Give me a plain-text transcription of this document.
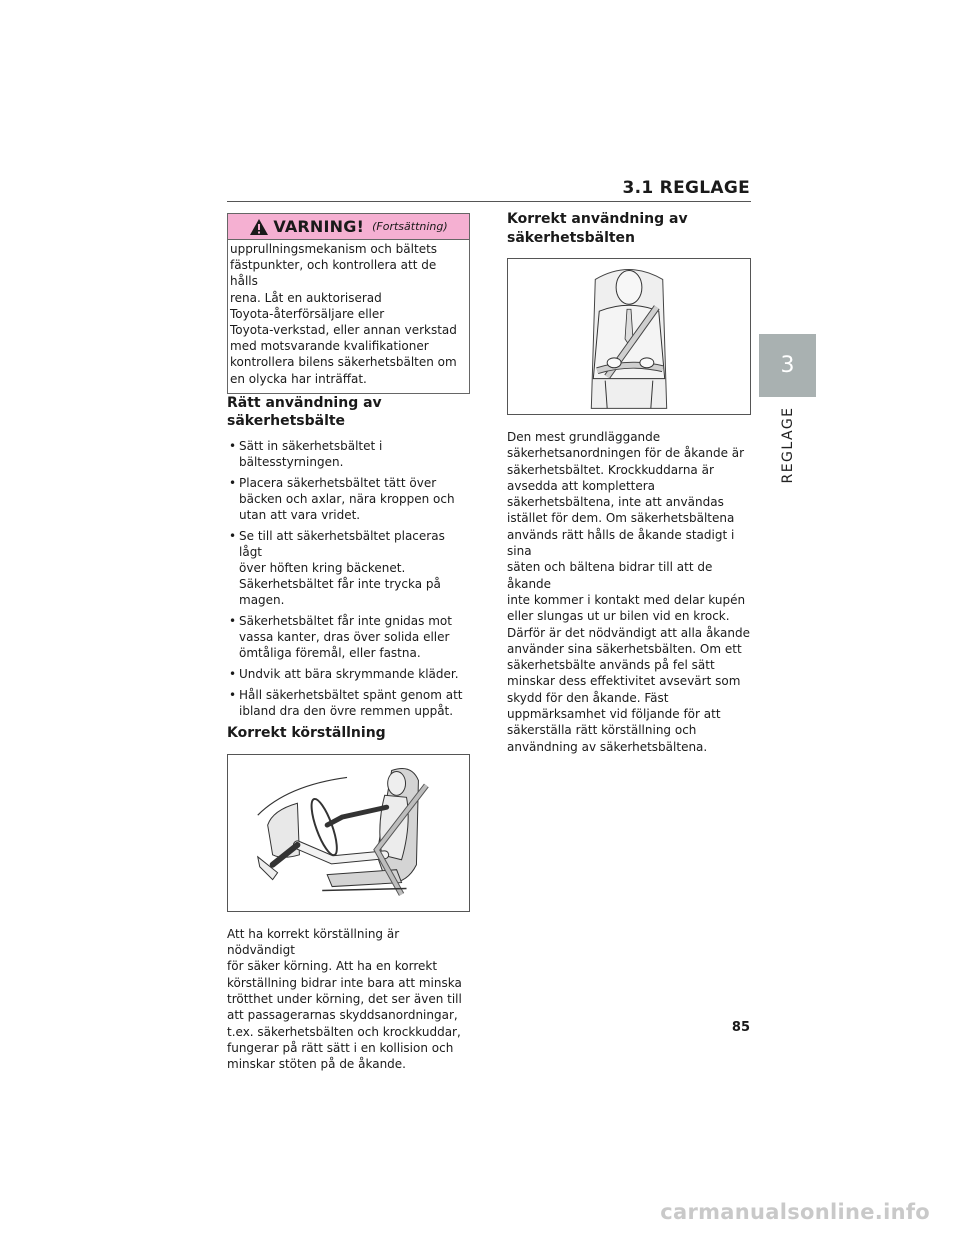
3.1 REGLAGE
3
REGLAGE
VARNING! (Fortsättning)
upprullningsmekanism och bältets
fästpunkter, och kontrollera att de hålls
rena. Låt en auktoriserad
Toyota-återförsäljare eller
Toyota-verkstad, eller annan verkstad
med motsvarande kvalifikationer
kontrollera bilens säkerhetsbälten om
en olycka har inträffat.
Rätt användning av säkerhetsbälte
• Sätt in säkerhetsbältet i
bältesstyrningen.
• Placera säkerhetsbältet tätt över
bäcken och axlar, nära kroppen och
utan att vara vridet.
• Se till att säkerhetsbältet placeras lågt
över höften kring bäckenet.
Säkerhetsbältet får inte trycka på
magen.
• Säkerhetsbältet får inte gnidas mot
vassa kanter, dras över solida eller
ömtåliga föremål, eller fastna.
• Undvik att bära skrymmande kläder.
• Håll säkerhetsbältet spänt genom att
ibland dra den övre remmen uppåt.
Korrekt körställning

Att ha korrekt körställning är nödvändigt
för säker körning. Att ha en korrekt
körställning bidrar inte bara att minska
trötthet under körning, det ser även till
att passagerarnas skyddsanordningar,
t.ex. säkerhetsbälten och krockkuddar,
fungerar på rätt sätt i en kollision och
minskar stöten på de åkande.

Korrekt användning av
säkerhetsbälten

Den mest grundläggande
säkerhetsanordningen för de åkande är
säkerhetsbältet. Krockkuddarna är
avsedda att komplettera
säkerhetsbältena, inte att användas
istället för dem. Om säkerhetsbältena
används rätt hålls de åkande stadigt i sina
säten och bältena bidrar till att de åkande
inte kommer i kontakt med delar kupén
eller slungas ut ur bilen vid en krock.
Därför är det nödvändigt att alla åkande
använder sina säkerhetsbälten. Om ett
säkerhetsbälte används på fel sätt
minskar dess effektivitet avsevärt som
skydd för den åkande. Fäst
uppmärksamhet vid följande för att
säkerställa rätt körställning och
användning av säkerhetsbältena.

85
carmanualsonline.info
